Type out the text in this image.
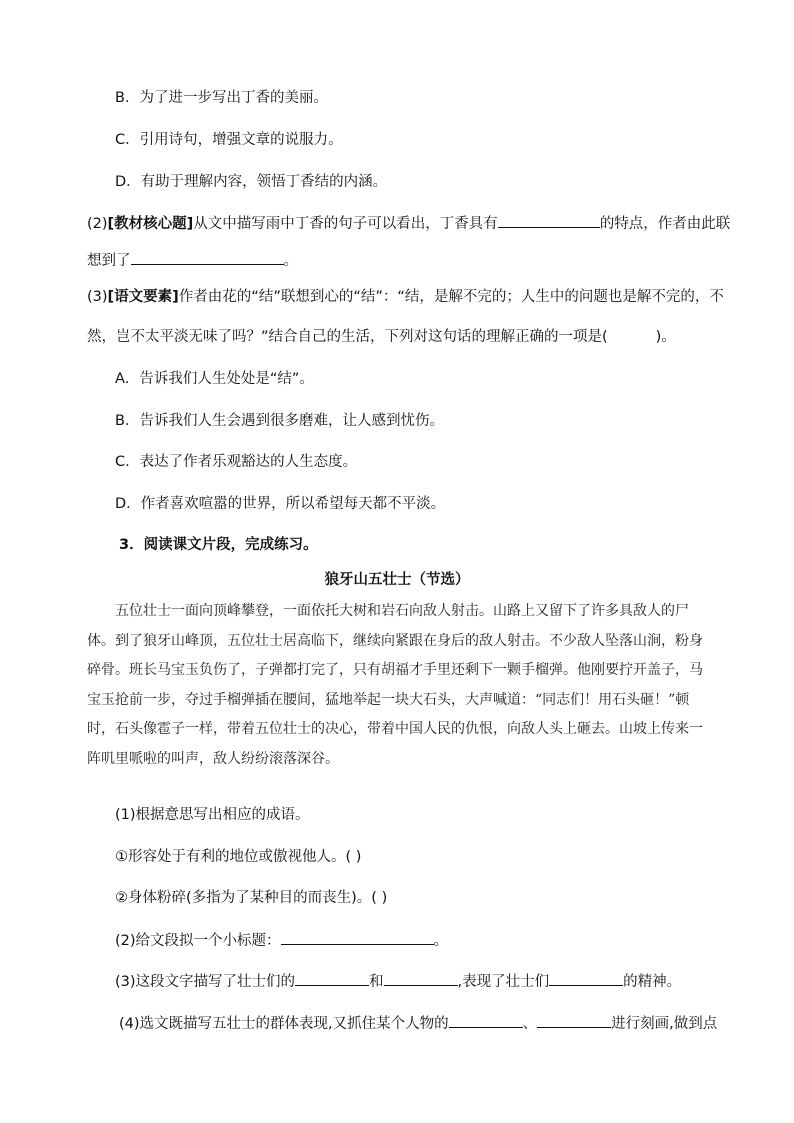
B．为了进一步写出丁香的美丽。
C．引用诗句，增强文章的说服力。
D．有助于理解内容，领悟丁香结的内涵。
(2)[教材核心题]从文中描写雨中丁香的句子可以看出，丁香具有	的特点，作者由此联
想到了	。
(3)[语文要素]作者由花的“结”联想到心的“结”：“结，是解不完的；人生中的问题也是解不完的，不
然，岂不太平淡无味了吗？”结合自己的生活，下列对这句话的理解正确的一项是(	)。
A．告诉我们人生处处是“结”。
B．告诉我们人生会遇到很多磨难，让人感到忧伤。
C．表达了作者乐观豁达的人生态度。
D．作者喜欢喧嚣的世界，所以希望每天都不平淡。
3．阅读课文片段，完成练习。
狼牙山五壮士（节选）
五位壮士一面向顶峰攀登，一面依托大树和岩石向敌人射击。山路上又留下了许多具敌人的尸体。到了狼牙山峰顶，五位壮士居高临下，继续向紧跟在身后的敌人射击。不少敌人坠落山涧，粉身碎骨。班长马宝玉负伤了，子弹都打完了，只有胡福才手里还剩下一颗手榴弹。他刚要拧开盖子，马宝玉抢前一步，夺过手榴弹插在腰间，猛地举起一块大石头，大声喊道：“同志们！用石头砸！”顿时，石头像雹子一样，带着五位壮士的决心，带着中国人民的仇恨，向敌人头上砸去。山坡上传来一阵叽里哌啦的叫声，敌人纷纷滚落深谷。
(1)根据意思写出相应的成语。
①形容处于有利的地位或傲视他人。( )
②身体粉碎(多指为了某种目的而丧生)。( )
(2)给文段拟一个小标题：	。
(3)这段文字描写了壮士们的	和	,表现了壮士们	的精神。
(4)选文既描写五壮士的群体表现,又抓住某个人物的	、	进行刻画,做到点
